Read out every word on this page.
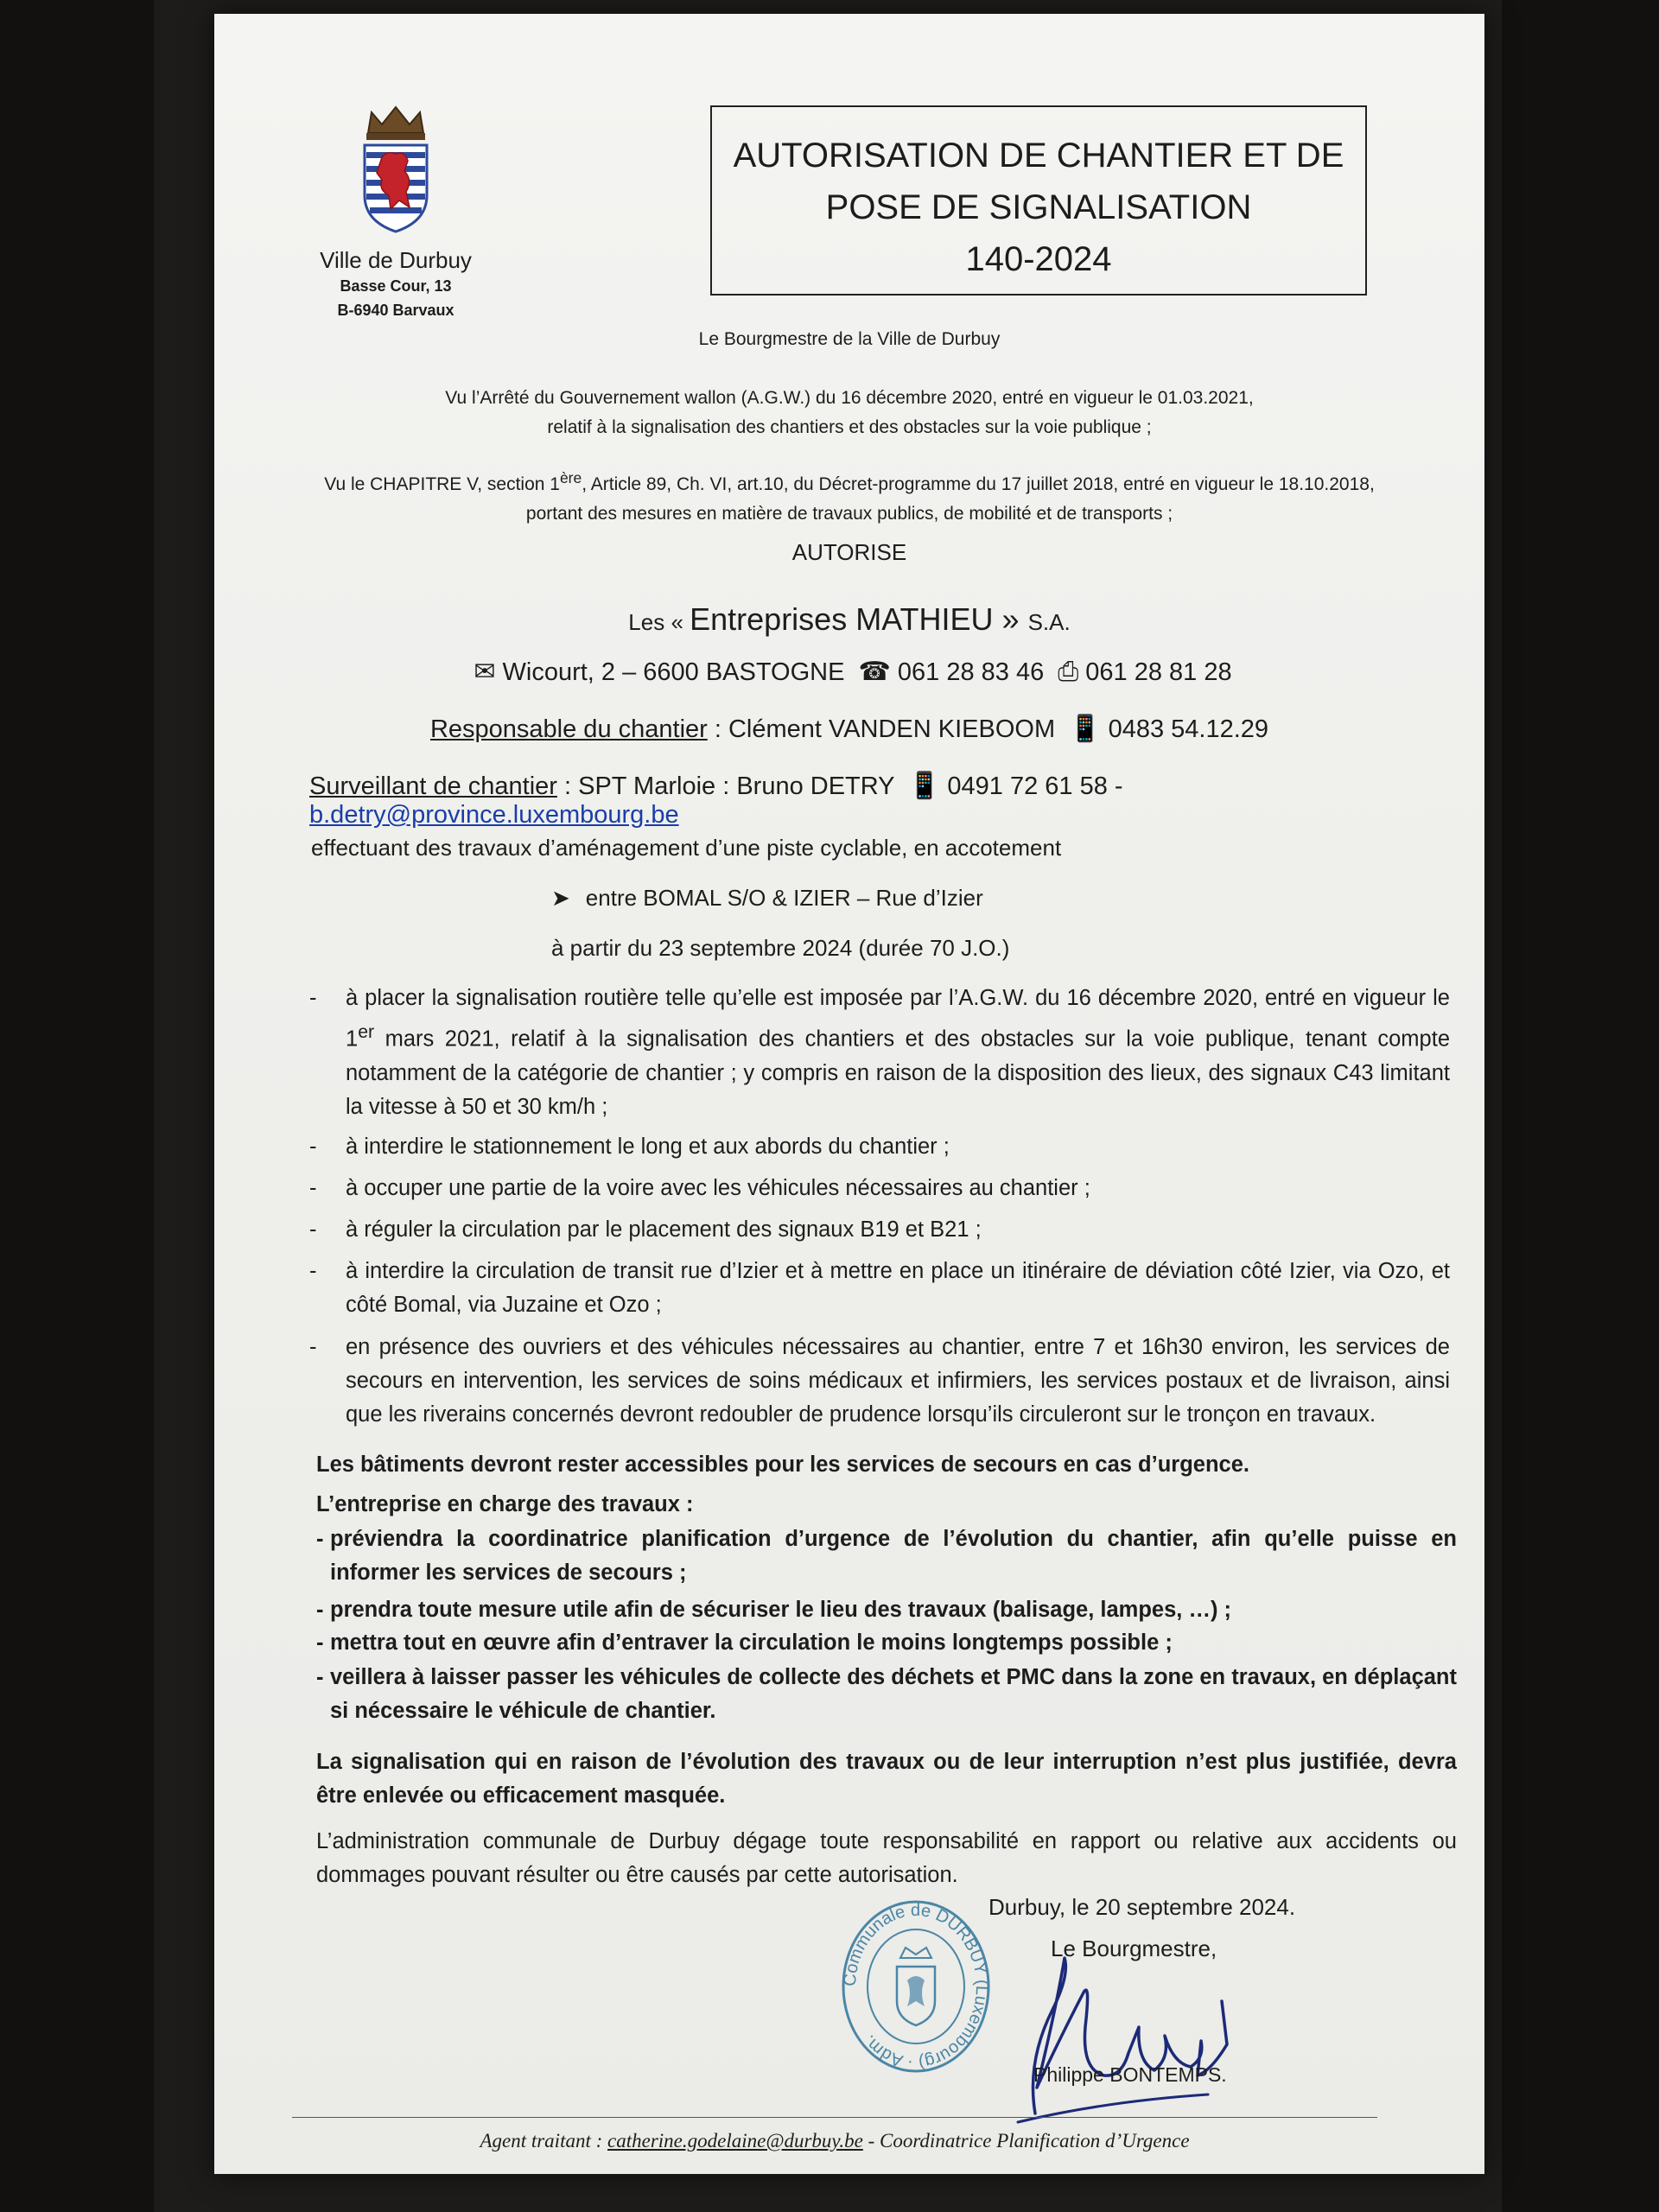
Ville de Durbuy
Basse Cour, 13
B-6940 Barvaux
AUTORISATION DE CHANTIER ET DE
POSE DE SIGNALISATION
140-2024
Le Bourgmestre de la Ville de Durbuy
Vu l’Arrêté du Gouvernement wallon (A.G.W.) du 16 décembre 2020, entré en vigueur le 01.03.2021,
relatif à la signalisation des chantiers et des obstacles sur la voie publique ;
Vu le CHAPITRE V, section 1ère, Article 89, Ch. VI, art.10, du Décret-programme du 17 juillet 2018, entré en vigueur le 18.10.2018,
portant des mesures en matière de travaux publics, de mobilité et de transports ;
AUTORISE
Les « Entreprises MATHIEU » S.A.
✉ Wicourt, 2 – 6600 BASTOGNE ☎ 061 28 83 46 ⎙ 061 28 81 28
Responsable du chantier : Clément VANDEN KIEBOOM 📱 0483 54.12.29
Surveillant de chantier : SPT Marloie : Bruno DETRY 📱 0491 72 61 58 - b.detry@province.luxembourg.be
effectuant des travaux d’aménagement d’une piste cyclable, en accotement
➤ entre BOMAL S/O & IZIER – Rue d’Izier
à partir du 23 septembre 2024 (durée 70 J.O.)
- à placer la signalisation routière telle qu’elle est imposée par l’A.G.W. du 16 décembre 2020, entré en vigueur le 1er mars 2021, relatif à la signalisation des chantiers et des obstacles sur la voie publique, tenant compte notamment de la catégorie de chantier ; y compris en raison de la disposition des lieux, des signaux C43 limitant la vitesse à 50 et 30 km/h ;
- à interdire le stationnement le long et aux abords du chantier ;
- à occuper une partie de la voire avec les véhicules nécessaires au chantier ;
- à réguler la circulation par le placement des signaux B19 et B21 ;
- à interdire la circulation de transit rue d’Izier et à mettre en place un itinéraire de déviation côté Izier, via Ozo, et côté Bomal, via Juzaine et Ozo ;
- en présence des ouvriers et des véhicules nécessaires au chantier, entre 7 et 16h30 environ, les services de secours en intervention, les services de soins médicaux et infirmiers, les services postaux et de livraison, ainsi que les riverains concernés devront redoubler de prudence lorsqu’ils circuleront sur le tronçon en travaux.
Les bâtiments devront rester accessibles pour les services de secours en cas d’urgence.
L’entreprise en charge des travaux :
- préviendra la coordinatrice planification d’urgence de l’évolution du chantier, afin qu’elle puisse en informer les services de secours ;
- prendra toute mesure utile afin de sécuriser le lieu des travaux (balisage, lampes, …) ;
- mettra tout en œuvre afin d’entraver la circulation le moins longtemps possible ;
- veillera à laisser passer les véhicules de collecte des déchets et PMC dans la zone en travaux, en déplaçant si nécessaire le véhicule de chantier.
La signalisation qui en raison de l’évolution des travaux ou de leur interruption n’est plus justifiée, devra être enlevée ou efficacement masquée.
L’administration communale de Durbuy dégage toute responsabilité en rapport ou relative aux accidents ou dommages pouvant résulter ou être causés par cette autorisation.
Durbuy, le 20 septembre 2024.
Le Bourgmestre,
Communale de DURBUY (Luxembourg) · Adm.
Philippe BONTEMPS.
Agent traitant : catherine.godelaine@durbuy.be - Coordinatrice Planification d’Urgence
